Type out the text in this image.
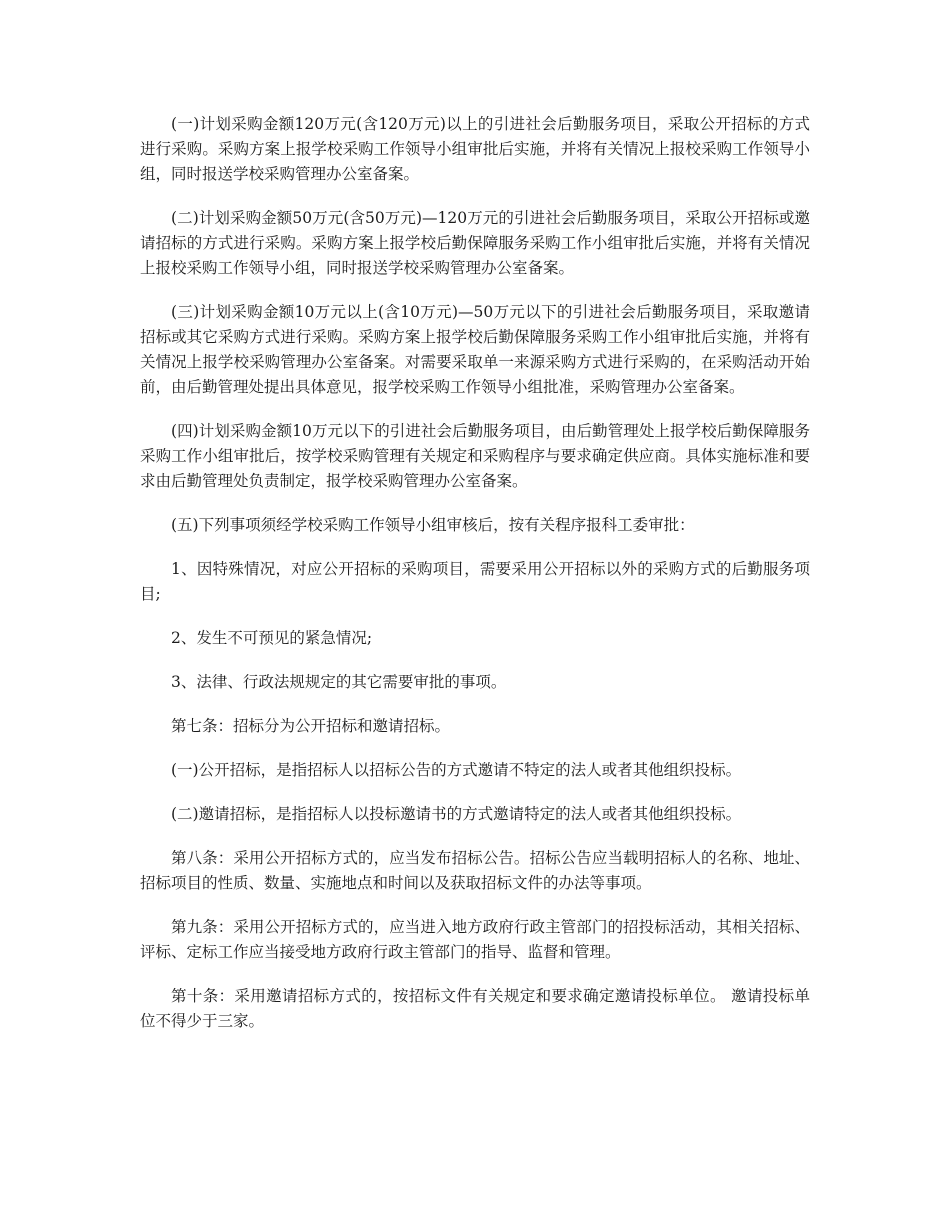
(一)计划采购金额120万元(含120万元)以上的引进社会后勤服务项目，采取公开招标的方式进行采购。采购方案上报学校采购工作领导小组审批后实施，并将有关情况上报校采购工作领导小组，同时报送学校采购管理办公室备案。

(二)计划采购金额50万元(含50万元)—120万元的引进社会后勤服务项目，采取公开招标或邀请招标的方式进行采购。采购方案上报学校后勤保障服务采购工作小组审批后实施，并将有关情况上报校采购工作领导小组，同时报送学校采购管理办公室备案。

(三)计划采购金额10万元以上(含10万元)—50万元以下的引进社会后勤服务项目，采取邀请招标或其它采购方式进行采购。采购方案上报学校后勤保障服务采购工作小组审批后实施，并将有关情况上报学校采购管理办公室备案。对需要采取单一来源采购方式进行采购的，在采购活动开始前，由后勤管理处提出具体意见，报学校采购工作领导小组批准，采购管理办公室备案。

(四)计划采购金额10万元以下的引进社会后勤服务项目，由后勤管理处上报学校后勤保障服务采购工作小组审批后，按学校采购管理有关规定和采购程序与要求确定供应商。具体实施标准和要求由后勤管理处负责制定，报学校采购管理办公室备案。

(五)下列事项须经学校采购工作领导小组审核后，按有关程序报科工委审批：

1、因特殊情况，对应公开招标的采购项目，需要采用公开招标以外的采购方式的后勤服务项目;

2、发生不可预见的紧急情况;

3、法律、行政法规规定的其它需要审批的事项。

第七条：招标分为公开招标和邀请招标。

(一)公开招标，是指招标人以招标公告的方式邀请不特定的法人或者其他组织投标。

(二)邀请招标，是指招标人以投标邀请书的方式邀请特定的法人或者其他组织投标。

第八条：采用公开招标方式的，应当发布招标公告。招标公告应当载明招标人的名称、地址、招标项目的性质、数量、实施地点和时间以及获取招标文件的办法等事项。

第九条：采用公开招标方式的，应当进入地方政府行政主管部门的招投标活动，其相关招标、评标、定标工作应当接受地方政府行政主管部门的指导、监督和管理。

第十条：采用邀请招标方式的，按招标文件有关规定和要求确定邀请投标单位。 邀请投标单位不得少于三家。
